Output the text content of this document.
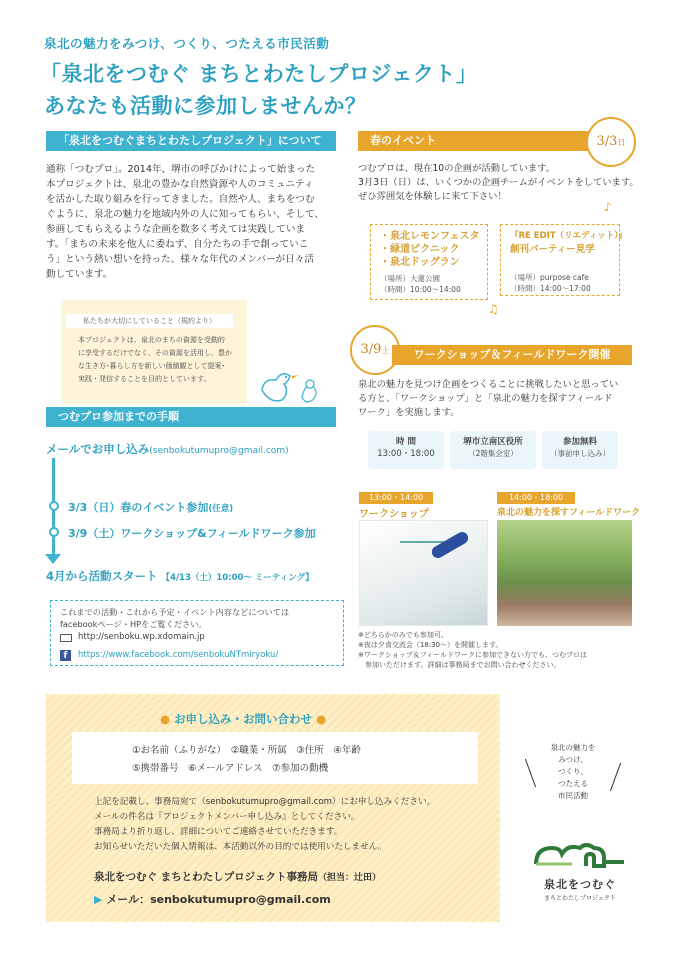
泉北の魅力をみつけ、つくり、つたえる市民活動
「泉北をつむぐ まちとわたしプロジェクト」
あなたも活動に参加しませんか？
「泉北をつむぐまちとわたしプロジェクト」について
通称「つむプロ」。2014年、堺市の呼びかけによって始まった
本プロジェクトは、泉北の豊かな自然資源や人のコミュニティ
を活かした取り組みを行ってきました。自然や人、まちをつむ
ぐように、泉北の魅力を地域内外の人に知ってもらい、そして、
参画してもらえるような企画を数多く考えては実践していま
す。「まちの未来を他人に委ねず、自分たちの手で創っていこ
う」という熱い想いを持った、様々な年代のメンバーが日々活
動しています。
私たちが大切にしていること（規約より）
本プロジェクトは、泉北のまちの資源を受動的
に享受するだけでなく、その資源を活用し、豊か
な生き方･暮らし方を新しい価値観として提案･
実践・発信することを目的としています。
つむプロ参加までの手順
メールでお申し込み(senbokutumupro@gmail.com)
3/3（日）春のイベント参加(任意)
3/9（土）ワークショップ&フィールドワーク参加
4月から活動スタート 【4/13（土）10:00～ ミーティング】
これまでの活動・これから予定・イベント内容などについては
facebookページ・HPをご覧ください。
http://senboku.wp.xdomain.jp
f	https://www.facebook.com/senbokuNTmiryoku/
春のイベント	3/3日
つむプロは、現在10の企画が活動しています。
3月3日（日）は、いくつかの企画チームがイベントをしています。
ぜひ雰囲気を体験しに来て下さい！
・泉北レモンフェスタ
・緑道ピクニック
・泉北ドッグラン
（場所）大蓮公園
（時間）10:00～14:00
『RE EDIT（リエディット）』
創刊パーティー見学
（場所）purpose cafe
（時間）14:00～17:00
♪
♫
3/9土	ワークショップ＆フィールドワーク開催
泉北の魅力を見つけ企画をつくることに挑戦したいと思ってい
る方と、「ワークショップ」と「泉北の魅力を探すフィールド
ワーク」を実施します。
時 間
13:00・18:00
堺市立南区役所
（2階集会室）
参加無料
（事前申し込み）
13:00・14:00
ワークショップ
14:00・18:00
泉北の魅力を探すフィールドワーク
※どちらかのみでも参加可。
※夜は夕食交流会（18:30～）を開催します。
※ワークショップ＆フィールドワークに参加できない方でも、つむプロは
　参加いただけます。詳細は事務局までお問い合わせください。
● お申し込み・お問い合わせ ●
①お名前（ふりがな）　②職業・所属　③住所　④年齢
⑤携帯番号　⑥メールアドレス　⑦参加の動機
上記を記載し、事務局宛て（senbokutumupro@gmail.com）にお申し込みください。
メールの件名は『プロジェクトメンバー申し込み』としてください。
事務局より折り返し、詳細についてご連絡させていただきます。
お知らせいただいた個人情報は、本活動以外の目的では使用いたしません。
泉北をつむぐ まちとわたしプロジェクト事務局（担当：辻田）
▶ メール：senbokutumupro@gmail.com
泉北の魅力を
みつけ、
つくり、
つたえる
市民活動
泉北をつむぐ
まちとわたしプロジェクト
